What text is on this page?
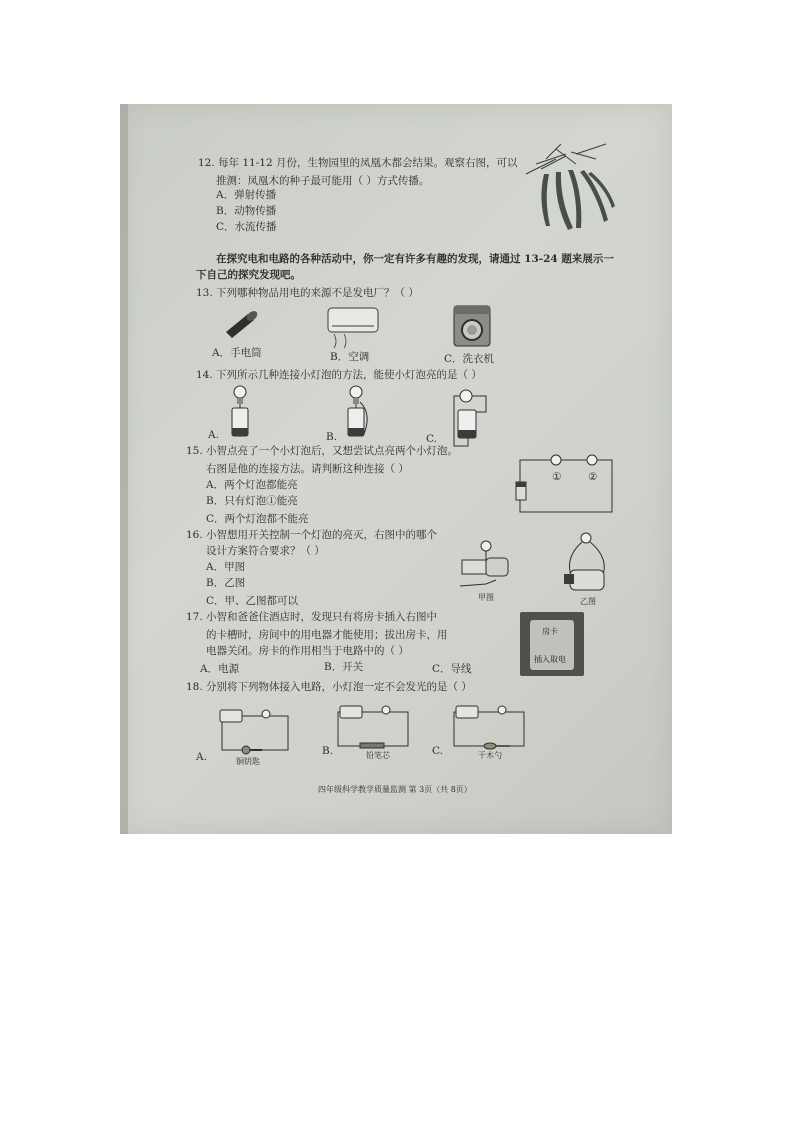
12. 每年 11-12 月份，生物园里的凤凰木都会结果。观察右图，可以
推测：凤凰木的种子最可能用（ ）方式传播。
A．弹射传播
B．动物传播
C．水流传播
在探究电和电路的各种活动中，你一定有许多有趣的发现，请通过 13-24 题来展示一
下自己的探究发现吧。
13. 下列哪种物品用电的来源不是发电厂？（ ）
A．手电筒	B．空调	C．洗衣机
14. 下列所示几种连接小灯泡的方法，能使小灯泡亮的是（ ）
A.	B.	C.
15. 小智点亮了一个小灯泡后，又想尝试点亮两个小灯泡。
右图是他的连接方法。请判断这种连接（ ）
A．两个灯泡都能亮
B．只有灯泡①能亮
C．两个灯泡都不能亮
①	②
16. 小智想用开关控制一个灯泡的亮灭，右图中的哪个
设计方案符合要求？（ ）
A．甲图
B．乙图
C．甲、乙图都可以	甲图	乙图
17. 小智和爸爸住酒店时，发现只有将房卡插入右图中
的卡槽时，房间中的用电器才能使用；拔出房卡，用
电器关闭。房卡的作用相当于电路中的（ ）
A．电源	B．开关	C．导线
房卡
插入取电
18. 分别将下列物体接入电路，小灯泡一定不会发光的是（ ）
A.	铜钥匙
B.	铅笔芯	C.	干木勺
四年级科学教学质量监测 第 3页（共 8页）
